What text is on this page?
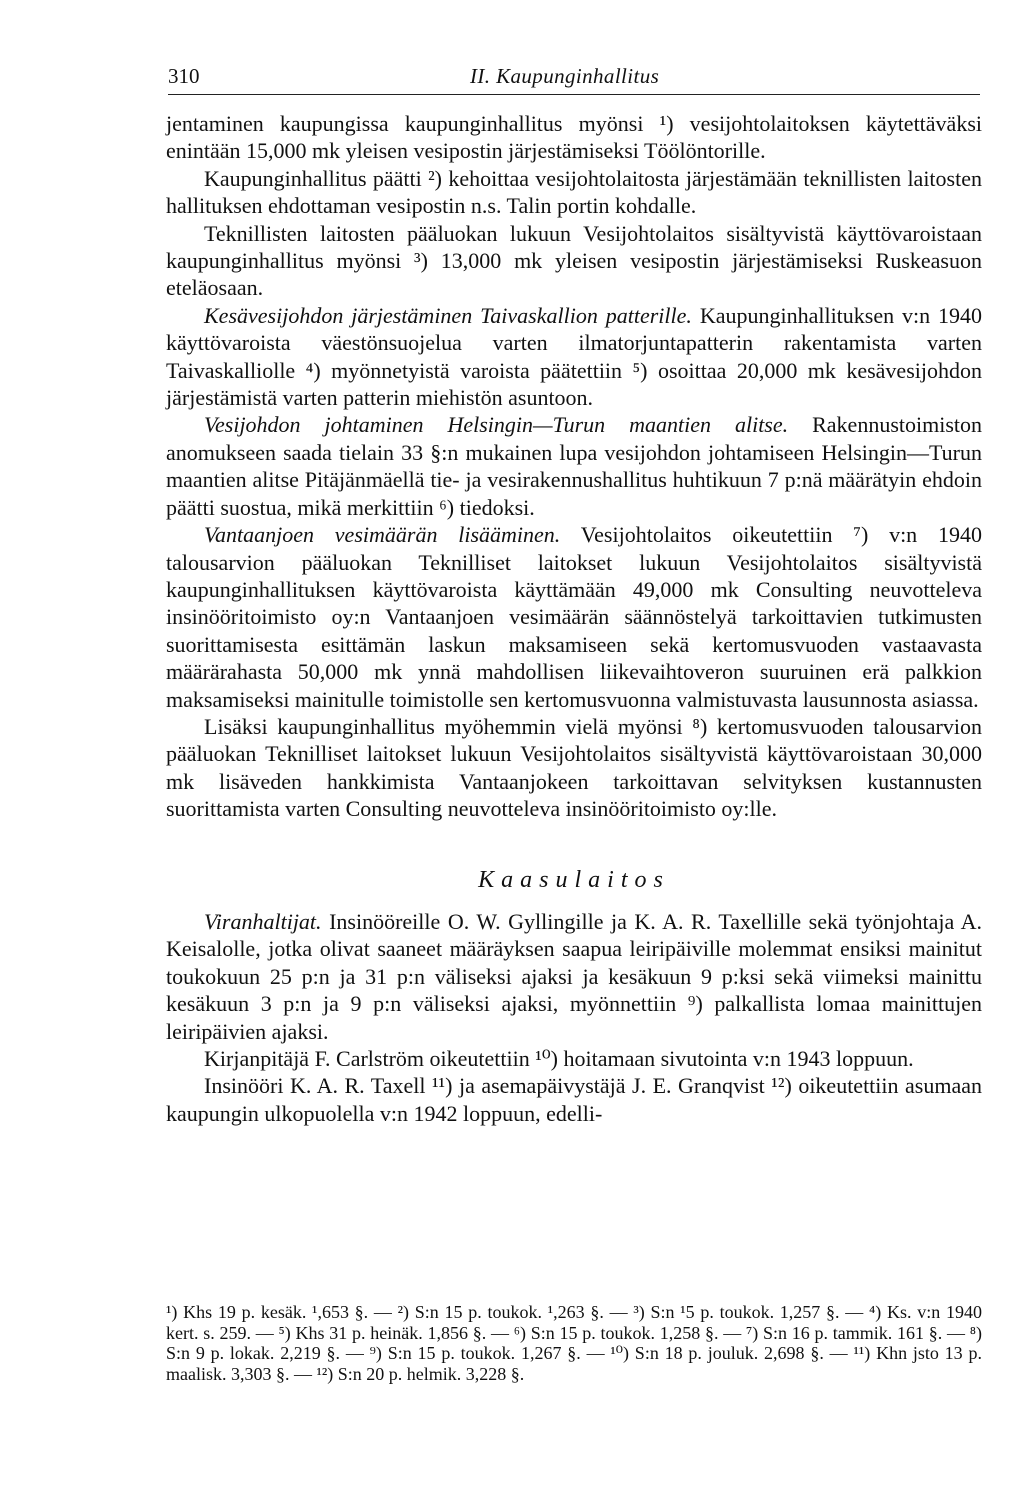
310	II. Kaupunginhallitus

jentaminen kaupungissa kaupunginhallitus myönsi ¹) vesijohtolaitoksen käytettäväksi enintään 15,000 mk yleisen vesipostin järjestämiseksi Töölöntorille.

Kaupunginhallitus päätti ²) kehoittaa vesijohtolaitosta järjestämään teknillisten laitosten hallituksen ehdottaman vesipostin n.s. Talin portin kohdalle.

Teknillisten laitosten pääluokan lukuun Vesijohtolaitos sisältyvistä käyttövaroistaan kaupunginhallitus myönsi ³) 13,000 mk yleisen vesipostin järjestämiseksi Ruskeasuon eteläosaan.

Kesävesijohdon järjestäminen Taivaskallion patterille. Kaupunginhallituksen v:n 1940 käyttövaroista väestönsuojelua varten ilmatorjuntapatterin rakentamista varten Taivaskalliolle ⁴) myönnetyistä varoista päätettiin ⁵) osoittaa 20,000 mk kesävesijohdon järjestämistä varten patterin miehistön asuntoon.

Vesijohdon johtaminen Helsingin—Turun maantien alitse. Rakennustoimiston anomukseen saada tielain 33 §:n mukainen lupa vesijohdon johtamiseen Helsingin—Turun maantien alitse Pitäjänmäellä tie- ja vesirakennushallitus huhtikuun 7 p:nä määrätyin ehdoin päätti suostua, mikä merkittiin ⁶) tiedoksi.

Vantaanjoen vesimäärän lisääminen. Vesijohtolaitos oikeutettiin ⁷) v:n 1940 talousarvion pääluokan Teknilliset laitokset lukuun Vesijohtolaitos sisältyvistä kaupunginhallituksen käyttövaroista käyttämään 49,000 mk Consulting neuvotteleva insinööritoimisto oy:n Vantaanjoen vesimäärän säännöstelyä tarkoittavien tutkimusten suorittamisesta esittämän laskun maksamiseen sekä kertomusvuoden vastaavasta määrärahasta 50,000 mk ynnä mahdollisen liikevaihtoveron suuruinen erä palkkion maksamiseksi mainitulle toimistolle sen kertomusvuonna valmistuvasta lausunnosta asiassa.

Lisäksi kaupunginhallitus myöhemmin vielä myönsi ⁸) kertomusvuoden talousarvion pääluokan Teknilliset laitokset lukuun Vesijohtolaitos sisältyvistä käyttövaroistaan 30,000 mk lisäveden hankkimista Vantaanjokeen tarkoittavan selvityksen kustannusten suorittamista varten Consulting neuvotteleva insinööritoimisto oy:lle.

Kaasulaitos

Viranhaltijat. Insinööreille O. W. Gyllingille ja K. A. R. Taxellille sekä työnjohtaja A. Keisalolle, jotka olivat saaneet määräyksen saapua leiripäiville molemmat ensiksi mainitut toukokuun 25 p:n ja 31 p:n väliseksi ajaksi ja kesäkuun 9 p:ksi sekä viimeksi mainittu kesäkuun 3 p:n ja 9 p:n väliseksi ajaksi, myönnettiin ⁹) palkallista lomaa mainittujen leiripäivien ajaksi.

Kirjanpitäjä F. Carlström oikeutettiin ¹⁰) hoitamaan sivutointa v:n 1943 loppuun.

Insinööri K. A. R. Taxell ¹¹) ja asemapäivystäjä J. E. Granqvist ¹²) oikeutettiin asumaan kaupungin ulkopuolella v:n 1942 loppuun, edelli-

¹) Khs 19 p. kesäk. ¹,653 §. — ²) S:n 15 p. toukok. ¹,263 §. — ³) S:n ¹5 p. toukok. 1,257 §. — ⁴) Ks. v:n 1940 kert. s. 259. — ⁵) Khs 31 p. heinäk. 1,856 §. — ⁶) S:n 15 p. toukok. 1,258 §. — ⁷) S:n 16 p. tammik. 161 §. — ⁸) S:n 9 p. lokak. 2,219 §. — ⁹) S:n 15 p. toukok. 1,267 §. — ¹⁰) S:n 18 p. jouluk. 2,698 §. — ¹¹) Khn jsto 13 p. maalisk. 3,303 §. — ¹²) S:n 20 p. helmik. 3,228 §.
